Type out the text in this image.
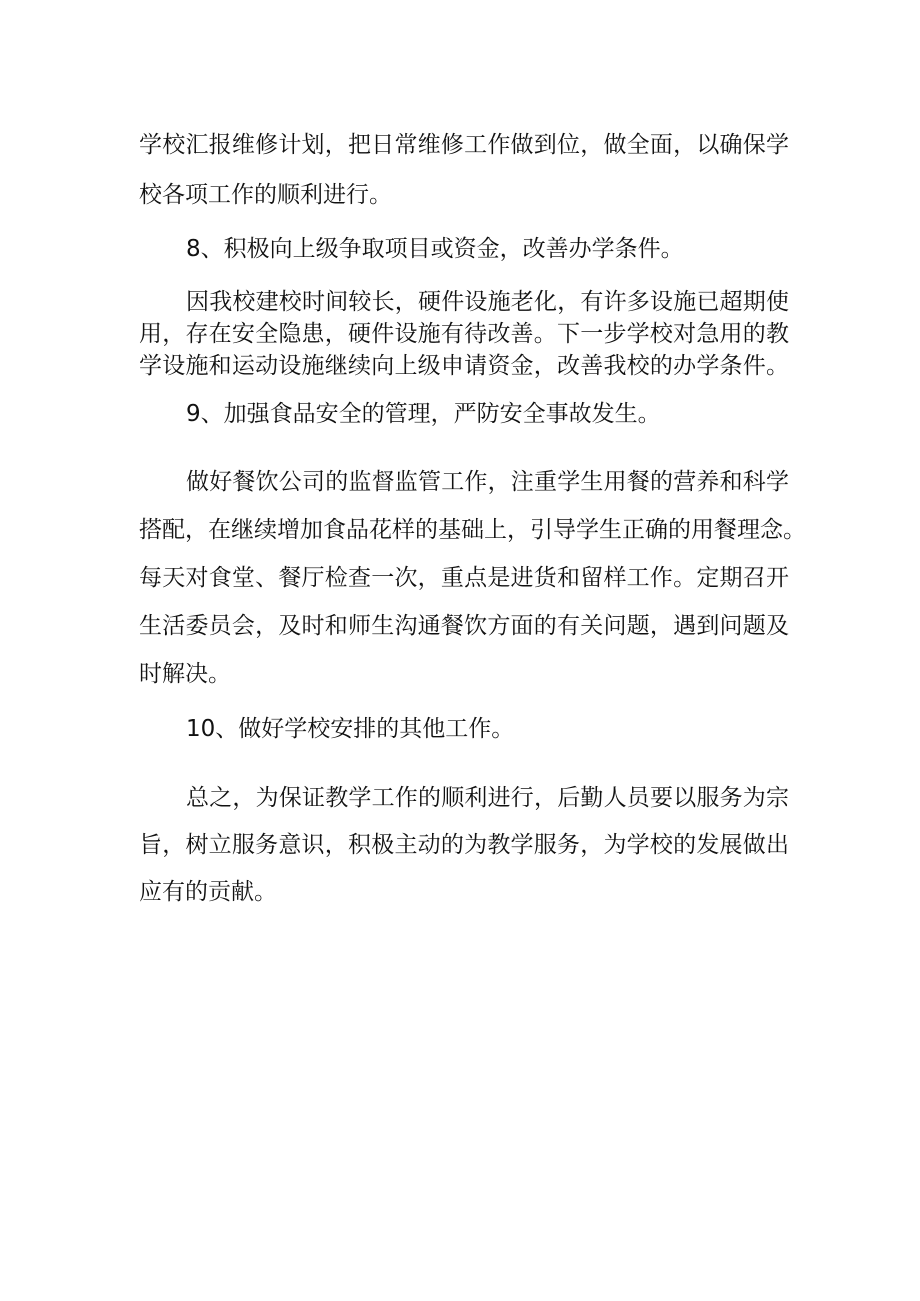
学校汇报维修计划，把日常维修工作做到位，做全面，以确保学
校各项工作的顺利进行。
8、积极向上级争取项目或资金，改善办学条件。
因我校建校时间较长，硬件设施老化，有许多设施已超期使
用，存在安全隐患，硬件设施有待改善。下一步学校对急用的教
学设施和运动设施继续向上级申请资金，改善我校的办学条件。
9、加强食品安全的管理，严防安全事故发生。
做好餐饮公司的监督监管工作，注重学生用餐的营养和科学
搭配，在继续增加食品花样的基础上，引导学生正确的用餐理念。
每天对食堂、餐厅检查一次，重点是进货和留样工作。定期召开
生活委员会，及时和师生沟通餐饮方面的有关问题，遇到问题及
时解决。
10、做好学校安排的其他工作。
总之，为保证教学工作的顺利进行，后勤人员要以服务为宗
旨，树立服务意识，积极主动的为教学服务，为学校的发展做出
应有的贡献。
